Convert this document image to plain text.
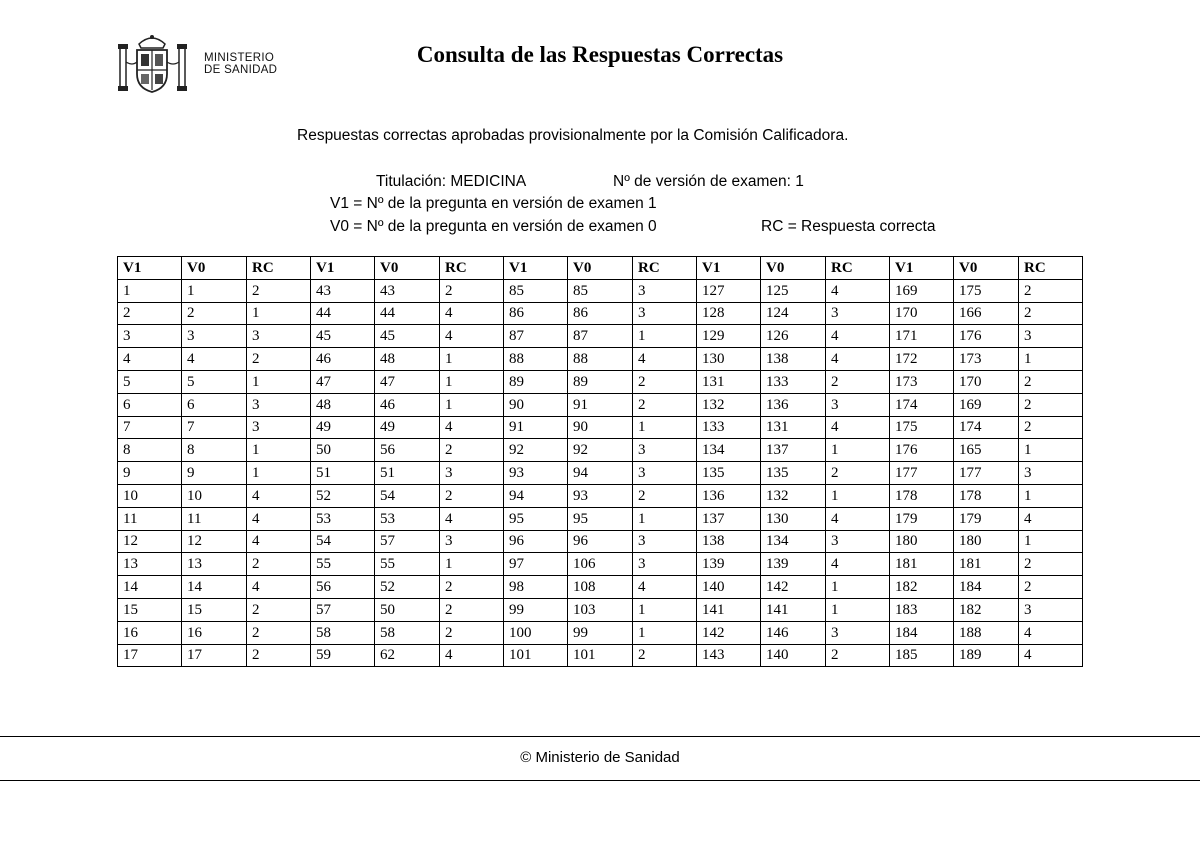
MINISTERIO
DE SANIDAD
Consulta de las Respuestas Correctas
Respuestas correctas aprobadas provisionalmente por la Comisión Calificadora.
Titulación: MEDICINA	Nº de versión de examen: 1
V1 = Nº de la pregunta en versión de examen 1
V0 = Nº de la pregunta en versión de examen 0	RC = Respuesta correcta
V1	V0	RC	V1	V0	RC	V1	V0	RC	V1	V0	RC	V1	V0	RC
1	1	2	43	43	2	85	85	3	127	125	4	169	175	2
2	2	1	44	44	4	86	86	3	128	124	3	170	166	2
3	3	3	45	45	4	87	87	1	129	126	4	171	176	3
4	4	2	46	48	1	88	88	4	130	138	4	172	173	1
5	5	1	47	47	1	89	89	2	131	133	2	173	170	2
6	6	3	48	46	1	90	91	2	132	136	3	174	169	2
7	7	3	49	49	4	91	90	1	133	131	4	175	174	2
8	8	1	50	56	2	92	92	3	134	137	1	176	165	1
9	9	1	51	51	3	93	94	3	135	135	2	177	177	3
10	10	4	52	54	2	94	93	2	136	132	1	178	178	1
11	11	4	53	53	4	95	95	1	137	130	4	179	179	4
12	12	4	54	57	3	96	96	3	138	134	3	180	180	1
13	13	2	55	55	1	97	106	3	139	139	4	181	181	2
14	14	4	56	52	2	98	108	4	140	142	1	182	184	2
15	15	2	57	50	2	99	103	1	141	141	1	183	182	3
16	16	2	58	58	2	100	99	1	142	146	3	184	188	4
17	17	2	59	62	4	101	101	2	143	140	2	185	189	4
© Ministerio de Sanidad
